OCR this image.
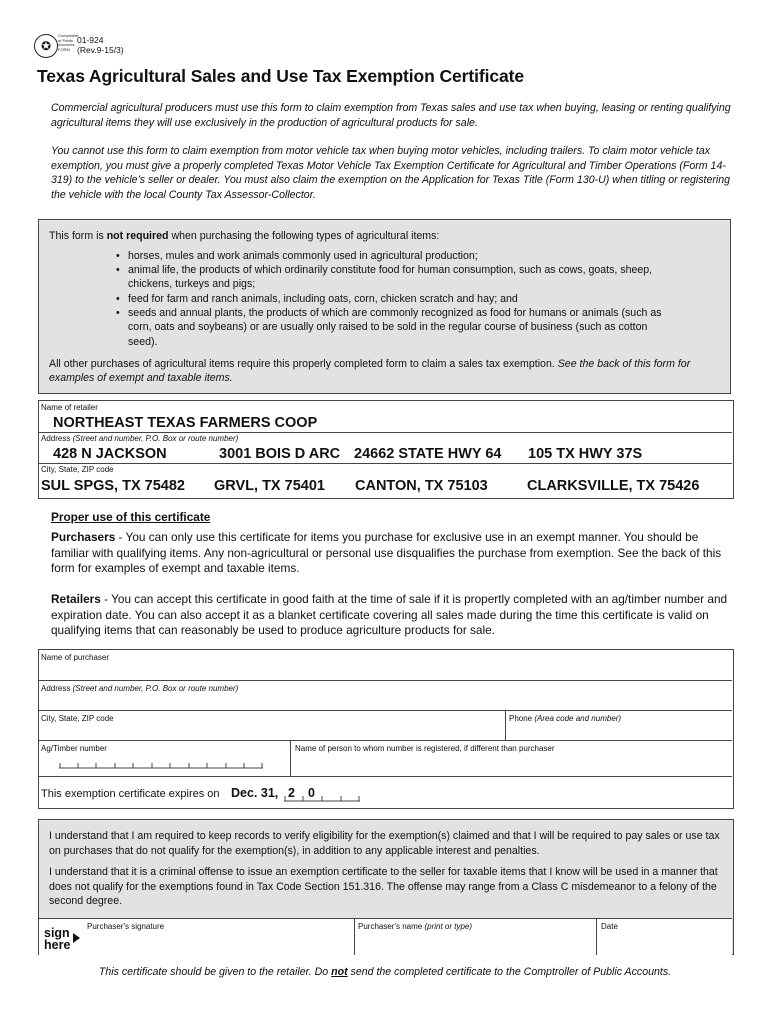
✪
Comptroller
of Public
Accounts
FORM
01-924
(Rev.9-15/3)
Texas Agricultural Sales and Use Tax Exemption Certificate
Commercial agricultural producers must use this form to claim exemption from Texas sales and use tax when buying, leasing or renting qualifying agricultural items they will use exclusively in the production of agricultural products for sale.
You cannot use this form to claim exemption from motor vehicle tax when buying motor vehicles, including trailers. To claim motor vehicle tax exemption, you must give a properly completed Texas Motor Vehicle Tax Exemption Certificate for Agricultural and Timber Operations (Form 14-319) to the vehicle’s seller or dealer. You must also claim the exemption on the Application for Texas Title (Form 130-U) when titling or registering the vehicle with the local County Tax Assessor-Collector.
This form is not required when purchasing the following types of agricultural items:
• horses, mules and work animals commonly used in agricultural production;
• animal life, the products of which ordinarily constitute food for human consumption, such as cows, goats, sheep, chickens, turkeys and pigs;
• feed for farm and ranch animals, including oats, corn, chicken scratch and hay; and
• seeds and annual plants, the products of which are commonly recognized as food for humans or animals (such as corn, oats and soybeans) or are usually only raised to be sold in the regular course of business (such as cotton seed).
All other purchases of agricultural items require this properly completed form to claim a sales tax exemption. See the back of this form for examples of exempt and taxable items.
Name of retailer
NORTHEAST TEXAS FARMERS COOP
Address (Street and number, P.O. Box or route number)
428 N JACKSON	3001 BOIS D ARC 24662 STATE HWY 64 105 TX HWY 37S
City, State, ZIP code
SUL SPGS, TX 75482 GRVL, TX 75401 CANTON, TX 75103	CLARKSVILLE, TX 75426
Proper use of this certificate
Purchasers - You can only use this certificate for items you purchase for exclusive use in an exempt manner. You should be familiar with qualifying items. Any non-agricultural or personal use disqualifies the purchase from exemption. See the back of this form for examples of exempt and taxable items.
Retailers - You can accept this certificate in good faith at the time of sale if it is propertly completed with an ag/timber number and expiration date. You can also accept it as a blanket certificate covering all sales made during the time this certificate is valid on qualifying items that can reasonably be used to produce agriculture products for sale.
Name of purchaser
Address (Street and number, P.O. Box or route number)
City, State, ZIP code	Phone (Area code and number)
Ag/Timber number	Name of person to whom number is registered, if different than purchaser
This exemption certificate expires on Dec. 31, 2 0
I understand that I am required to keep records to verify eligibility for the exemption(s) claimed and that I will be required to pay sales or use tax on purchases that do not qualify for the exemption(s), in addition to any applicable interest and penalties.
I understand that it is a criminal offense to issue an exemption certificate to the seller for taxable items that I know will be used in a manner that does not qualify for the exemptions found in Tax Code Section 151.316. The offense may range from a Class C misdemeanor to a felony of the second degree.
sign
here
Purchaser's signature	Purchaser's name (print or type)	Date
This certificate should be given to the retailer. Do not send the completed certificate to the Comptroller of Public Accounts.
